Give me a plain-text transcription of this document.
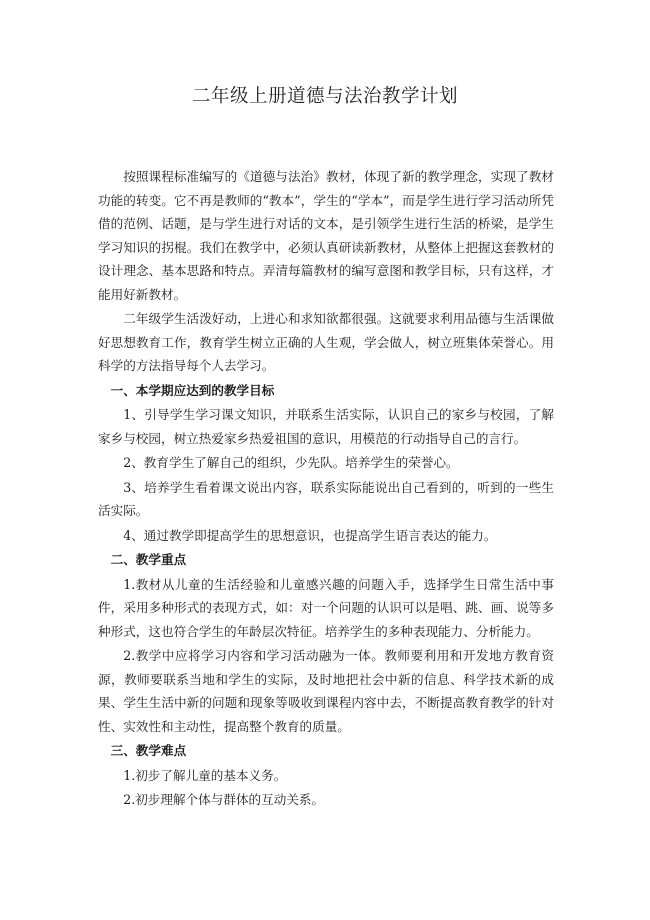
二年级上册道德与法治教学计划

按照课程标准编写的《道德与法治》教材，体现了新的教学理念，实现了教材功能的转变。它不再是教师的“教本”，学生的“学本”，而是学生进行学习活动所凭借的范例、话题，是与学生进行对话的文本，是引领学生进行生活的桥梁，是学生学习知识的拐棍。我们在教学中，必须认真研读新教材，从整体上把握这套教材的设计理念、基本思路和特点。弄清每篇教材的编写意图和教学目标，只有这样，才能用好新教材。

二年级学生活泼好动，上进心和求知欲都很强。这就要求利用品德与生活课做好思想教育工作，教育学生树立正确的人生观，学会做人，树立班集体荣誉心。用科学的方法指导每个人去学习。

一、本学期应达到的教学目标

1、引导学生学习课文知识，并联系生活实际，认识自己的家乡与校园，了解家乡与校园，树立热爱家乡热爱祖国的意识，用模范的行动指导自己的言行。

2、教育学生了解自己的组织，少先队。培养学生的荣誉心。

3、培养学生看着课文说出内容，联系实际能说出自己看到的，听到的一些生活实际。

4、通过教学即提高学生的思想意识，也提高学生语言表达的能力。

二、教学重点

1.教材从儿童的生活经验和儿童感兴趣的问题入手，选择学生日常生活中事件，采用多种形式的表现方式，如：对一个问题的认识可以是唱、跳、画、说等多种形式，这也符合学生的年龄层次特征。培养学生的多种表现能力、分析能力。

2.教学中应将学习内容和学习活动融为一体。教师要利用和开发地方教育资源，教师要联系当地和学生的实际，及时地把社会中新的信息、科学技术新的成果、学生生活中新的问题和现象等吸收到课程内容中去，不断提高教育教学的针对性、实效性和主动性，提高整个教育的质量。

三、教学难点

1.初步了解儿童的基本义务。

2.初步理解个体与群体的互动关系。
